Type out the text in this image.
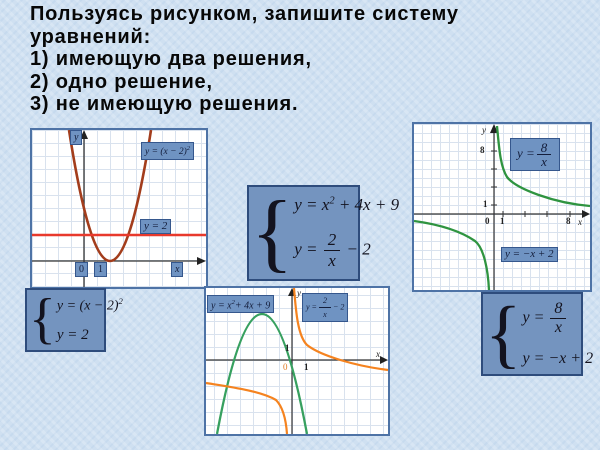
Пользуясь рисунком, запишите систему
уравнений:
1) имеющую два решения,
2) одно решение,
3) не имеющую решения.
y
x
0	1
$y = (x - 2)^2$
y = 2
{ $y = (x - 2)^2$
y = 2
{ $y = x^2 + 4x + 9$
$y = \frac{2}{x} - 2$
y
x
1
0 1
$y = x^2+ 4x + 9$	$y = \frac{2}{x} - 2$
y
8
1
0 1	8 x
$y = \frac{8}{x}$
y = −x + 2
{ $y = \frac{8}{x}$
y = −x + 2
